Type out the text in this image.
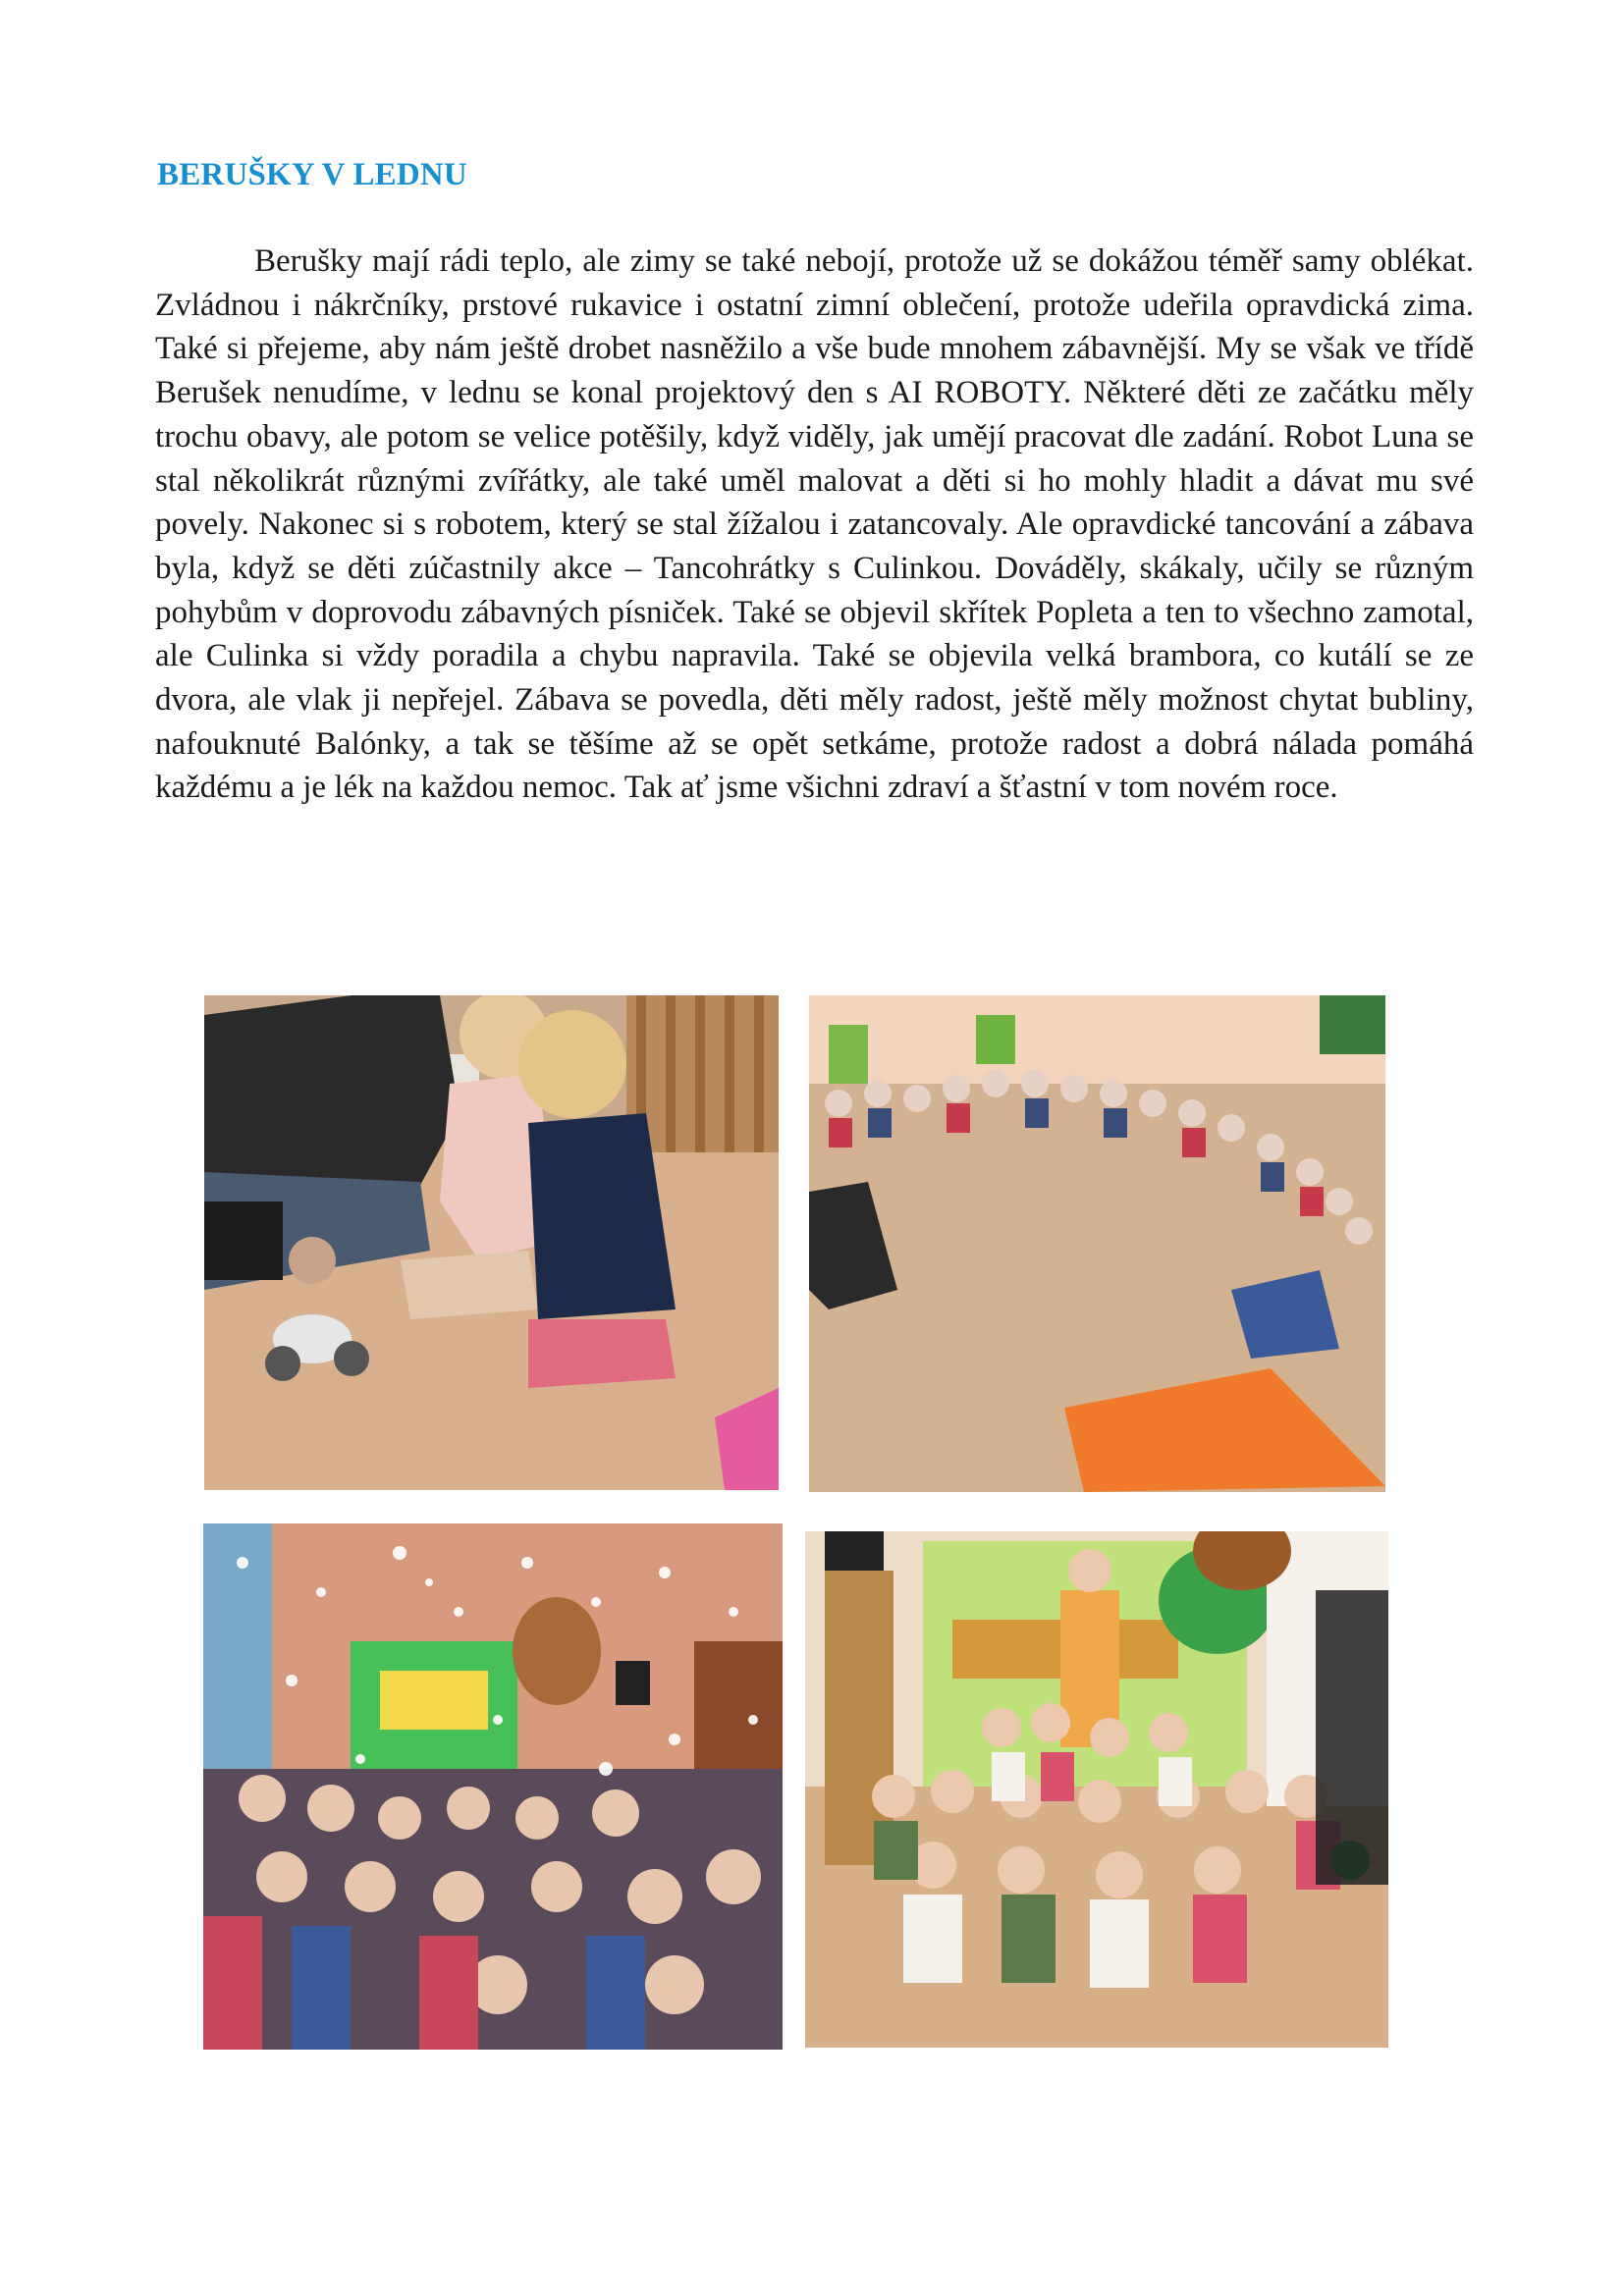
BERUŠKY V LEDNU
Berušky mají rádi teplo, ale zimy se také nebojí, protože už se dokážou téměř samy oblékat. Zvládnou i nákrčníky, prstové rukavice i ostatní zimní oblečení, protože udeřila opravdická zima. Také si přejeme, aby nám ještě drobet nasněžilo a vše bude mnohem zábavnější. My se však ve třídě Berušek nenudíme, v lednu se konal projektový den s AI ROBOTY. Některé děti ze začátku měly trochu obavy, ale potom se velice potěšily, když viděly, jak umějí pracovat dle zadání. Robot Luna se stal několikrát různými zvířátky, ale také uměl malovat a děti si ho mohly hladit a dávat mu své povely. Nakonec si s robotem, který se stal žížalou i zatancovaly. Ale opravdické tancování a zábava byla, když se děti zúčastnily akce – Tancohrátky s Culinkou. Dováděly, skákaly, učily se různým pohybům v doprovodu zábavných písniček. Také se objevil skřítek Popleta a ten to všechno zamotal, ale Culinka si vždy poradila a chybu napravila. Také se objevila velká brambora, co kutálí se ze dvora, ale vlak ji nepřejel. Zábava se povedla, děti měly radost, ještě měly možnost chytat bubliny, nafouknuté Balónky, a tak se těšíme až se opět setkáme, protože radost a dobrá nálada pomáhá každému a je lék na každou nemoc. Tak ať jsme všichni zdraví a šťastní v tom novém roce.
